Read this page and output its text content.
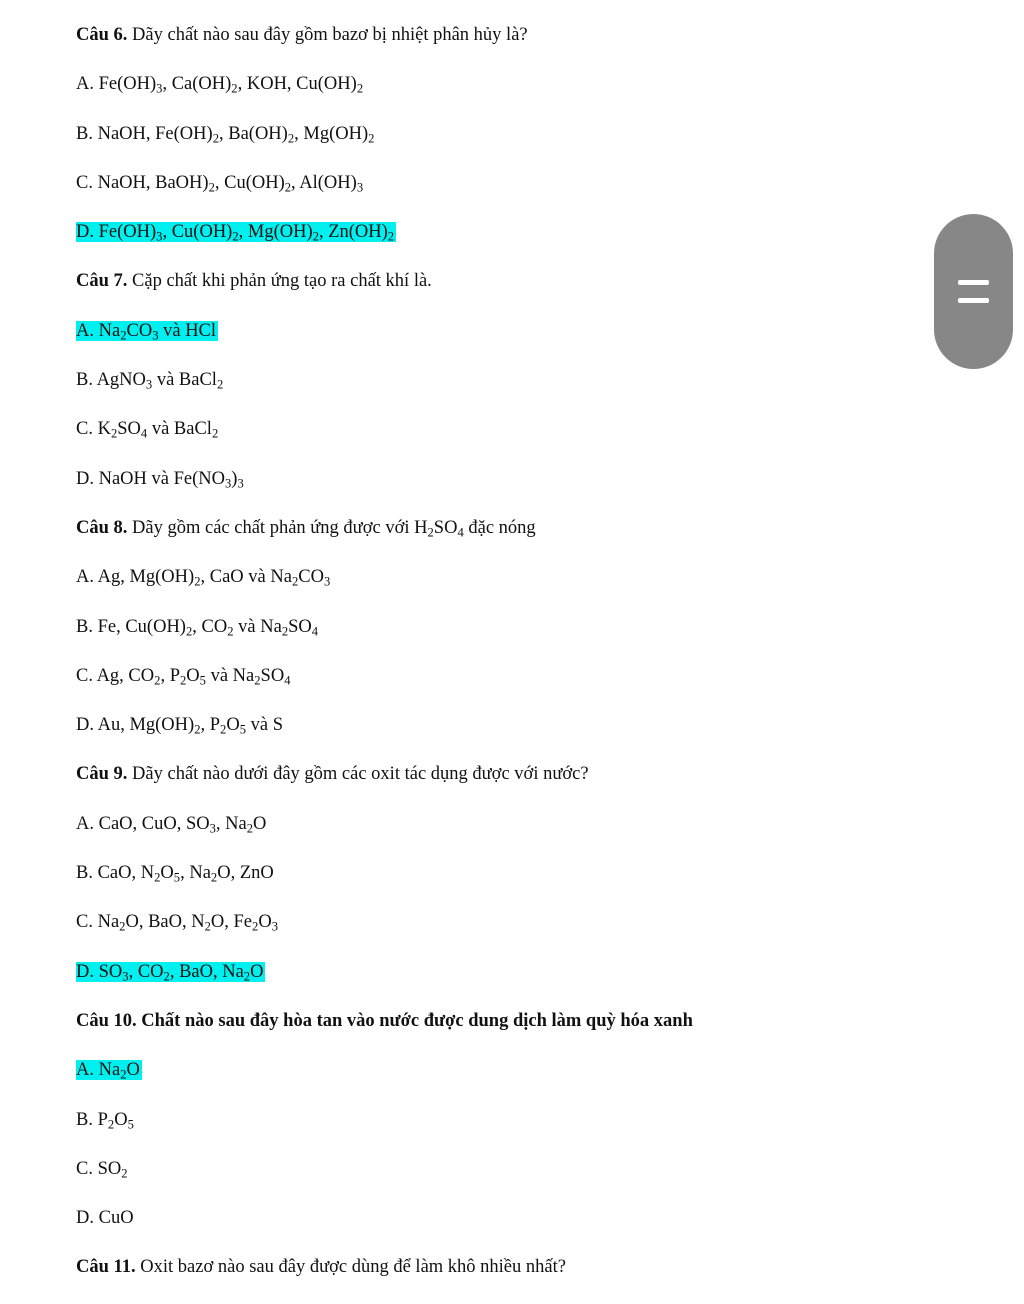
Câu 6. Dãy chất nào sau đây gồm bazơ bị nhiệt phân hủy là?
A. $Fe(OH)_3$, $Ca(OH)_2$, KOH, $Cu(OH)_2$
B. NaOH, $Fe(OH)_2$, $Ba(OH)_2$, $Mg(OH)_2$
C. NaOH, $BaOH)_2$, $Cu(OH)_2$, $Al(OH)_3$
D. $Fe(OH)_3$, $Cu(OH)_2$, $Mg(OH)_2$, $Zn(OH)_2$
Câu 7. Cặp chất khi phản ứng tạo ra chất khí là.
A. $Na_2CO_3$ và HCl
B. AgNO$_3$ và BaCl$_2$
C. $K_2SO_4$ và BaCl$_2$
D. NaOH và $Fe(NO_3)_3$
Câu 8. Dãy gồm các chất phản ứng được với $H_2SO_4$ đặc nóng
A. Ag, $Mg(OH)_2$, CaO và $Na_2CO_3$
B. Fe, $Cu(OH)_2$, $CO_2$ và $Na_2SO_4$
C. Ag, $CO_2$, $P_2O_5$ và $Na_2SO_4$
D. Au, $Mg(OH)_2$, $P_2O_5$ và S
Câu 9. Dãy chất nào dưới đây gồm các oxit tác dụng được với nước?
A. CaO, CuO, $SO_3$, $Na_2O$
B. CaO, $N_2O_5$, $Na_2O$, ZnO
C. $Na_2O$, BaO, $N_2O$, $Fe_2O_3$
D. $SO_3$, $CO_2$, BaO, $Na_2O$
Câu 10. Chất nào sau đây hòa tan vào nước được dung dịch làm quỳ hóa xanh
A. $Na_2O$
B. $P_2O_5$
C. $SO_2$
D. CuO
Câu 11. Oxit bazơ nào sau đây được dùng để làm khô nhiều nhất?
